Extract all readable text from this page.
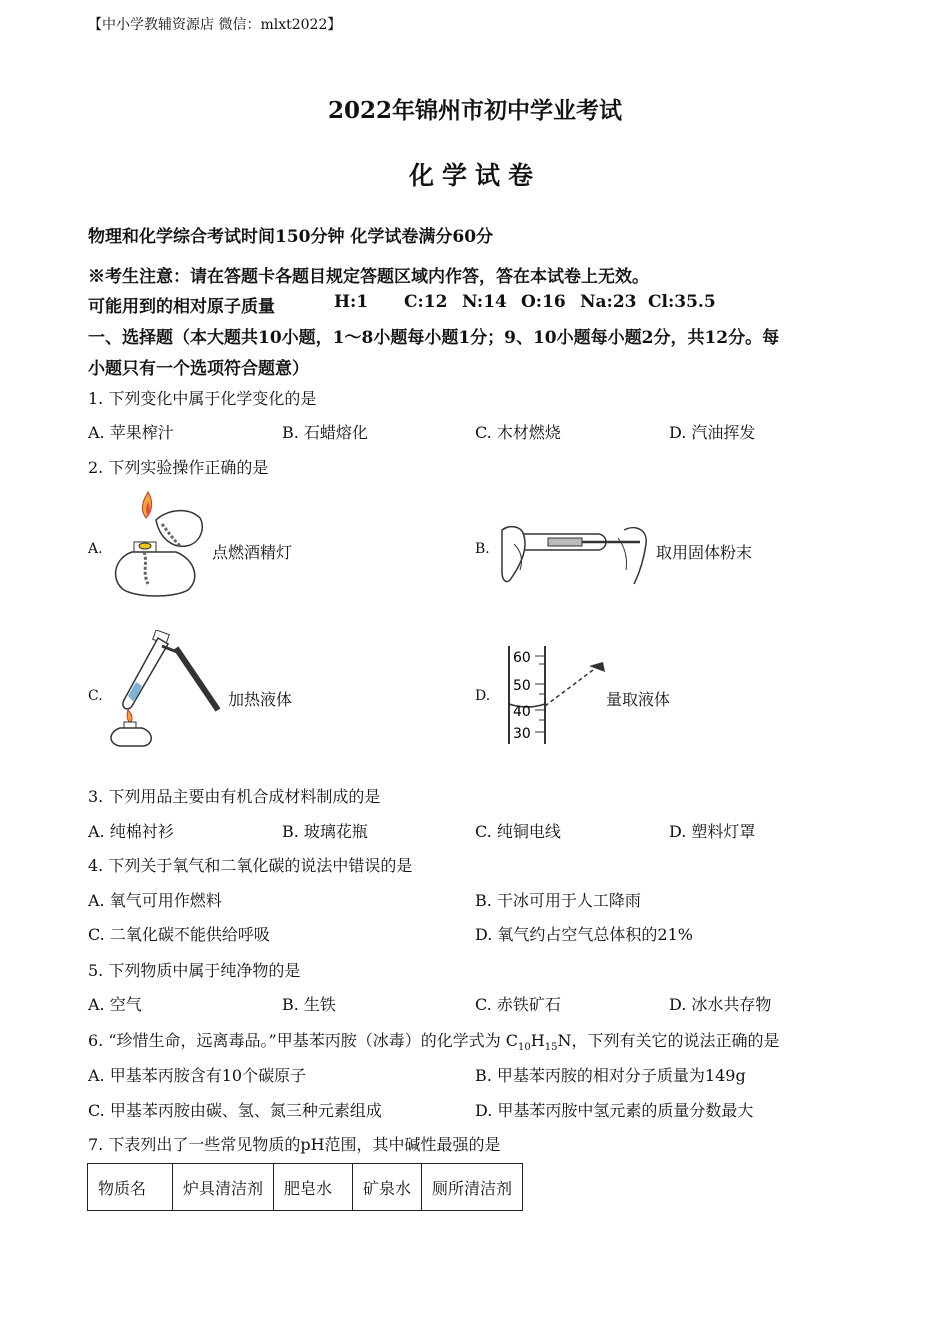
【中小学教辅资源店 微信：mlxt2022】
2022年锦州市初中学业考试
化学试卷
物理和化学综合考试时间150分钟 化学试卷满分60分
※考生注意：请在答题卡各题目规定答题区域内作答，答在本试卷上无效。
可能用到的相对原子质量	H:1 C:12 N:14 O:16 Na:23 Cl:35.5
一、选择题（本大题共10小题，1～8小题每小题1分；9、10小题每小题2分，共12分。每
小题只有一个选项符合题意）
1. 下列变化中属于化学变化的是
A. 苹果榨汁	B. 石蜡熔化	C. 木材燃烧	D. 汽油挥发
2. 下列实验操作正确的是
A.	点燃酒精灯	B.	取用固体粉末
C.	加热液体	D.
60
50
40
30
量取液体
3. 下列用品主要由有机合成材料制成的是
A. 纯棉衬衫	B. 玻璃花瓶	C. 纯铜电线	D. 塑料灯罩
4. 下列关于氧气和二氧化碳的说法中错误的是
A. 氧气可用作燃料	B. 干冰可用于人工降雨
C. 二氧化碳不能供给呼吸	D. 氧气约占空气总体积的21%
5. 下列物质中属于纯净物的是
A. 空气	B. 生铁	C. 赤铁矿石	D. 冰水共存物
6. “珍惜生命，远离毒品。”甲基苯丙胺（冰毒）的化学式为 $C_{10}H_{15}N$，下列有关它的说法正确的是
A. 甲基苯丙胺含有10个碳原子	B. 甲基苯丙胺的相对分子质量为149g
C. 甲基苯丙胺由碳、氢、氮三种元素组成	D. 甲基苯丙胺中氢元素的质量分数最大
7. 下表列出了一些常见物质的pH范围，其中碱性最强的是
物质名	炉具清洁剂	肥皂水	矿泉水	厕所清洁剂
